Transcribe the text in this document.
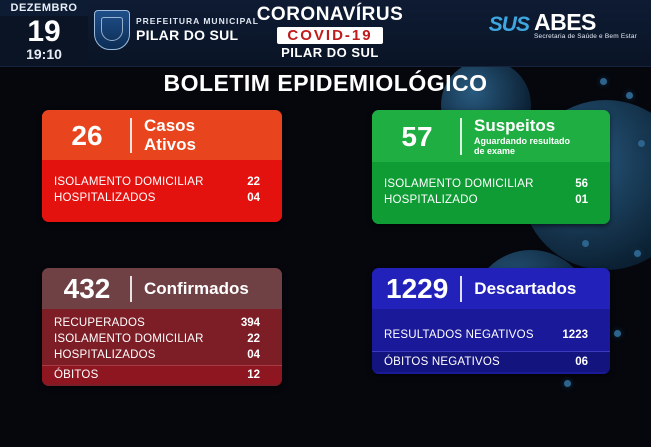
DEZEMBRO
19
19:10
PREFEITURA MUNICIPAL
PILAR DO SUL
CORONAVÍRUS
COVID-19
PILAR DO SUL
SUS ABES
Secretaria de Saúde e Bem Estar
BOLETIM EPIDEMIOLÓGICO
26	Casos
Ativos
ISOLAMENTO DOMICILIAR	22
HOSPITALIZADOS	04
57	Suspeitos
Aguardando resultado
de exame
ISOLAMENTO DOMICILIAR	56
HOSPITALIZADO	01
432	Confirmados
RECUPERADOS	394
ISOLAMENTO DOMICILIAR	22
HOSPITALIZADOS	04
ÓBITOS	12
1229 Descartados
RESULTADOS NEGATIVOS	1223
ÓBITOS NEGATIVOS	06
